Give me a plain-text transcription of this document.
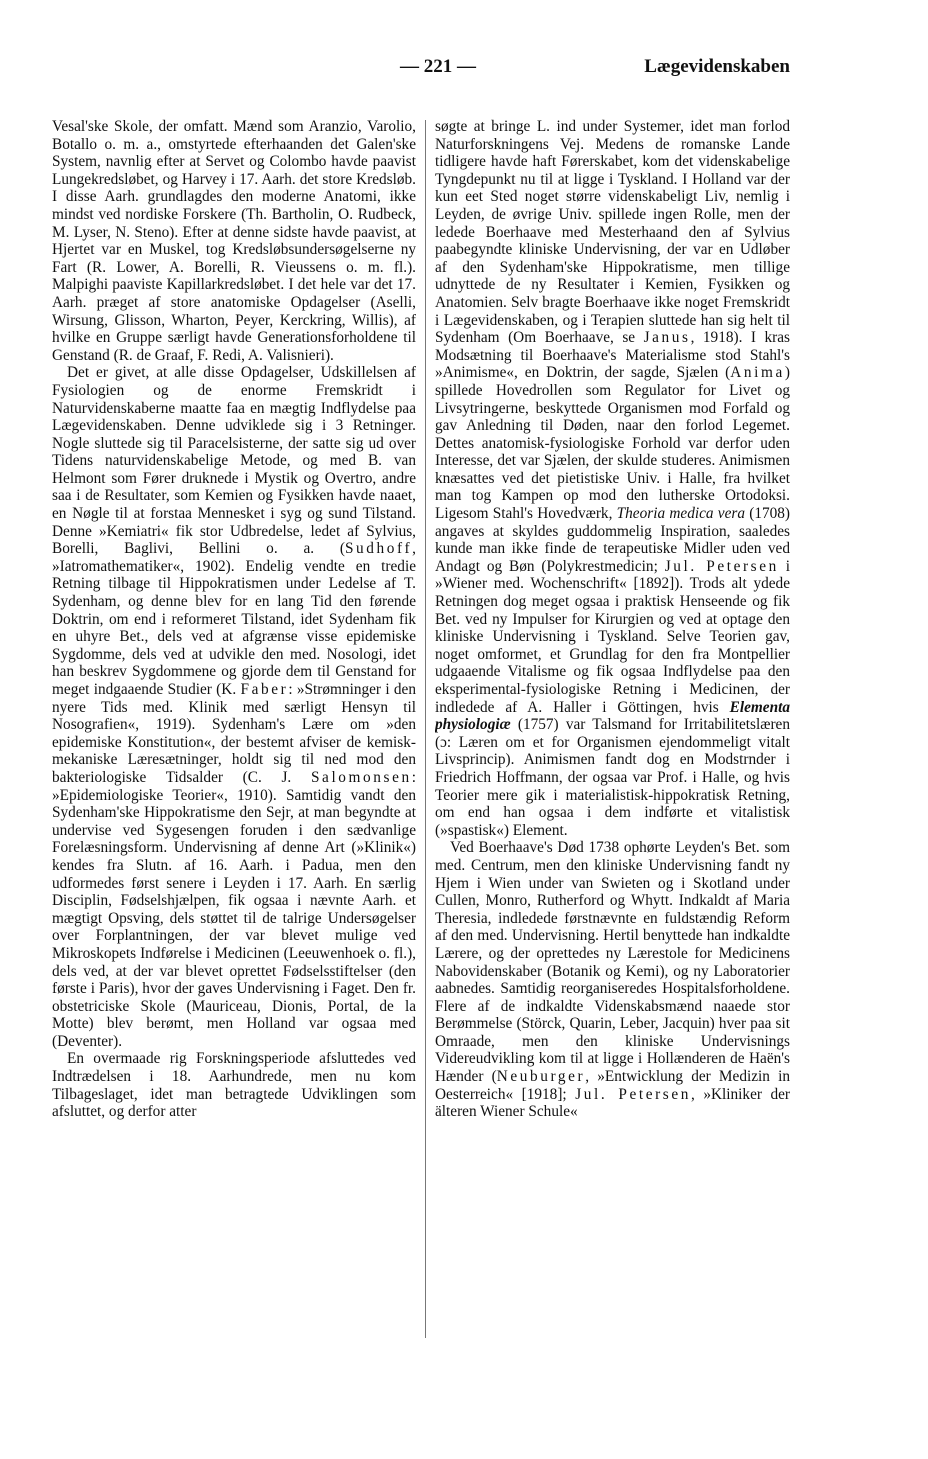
— 221 —	Lægevidenskaben

Vesal'ske Skole, der omfatt. Mænd som Aranzio, Varolio, Botallo o. m. a., omstyrtede efterhaanden det Galen'ske System, navnlig efter at Servet og Colombo havde paavist Lungekredsløbet, og Harvey i 17. Aarh. det store Kredsløb. I disse Aarh. grundlagdes den moderne Anatomi, ikke mindst ved nordiske Forskere (Th. Bartholin, O. Rudbeck, M. Lyser, N. Steno). Efter at denne sidste havde paavist, at Hjertet var en Muskel, tog Kredsløbsundersøgelserne ny Fart (R. Lower, A. Borelli, R. Vieussens o. m. fl.). Malpighi paaviste Kapillarkredsløbet. I det hele var det 17. Aarh. præget af store anatomiske Opdagelser (Aselli, Wirsung, Glisson, Wharton, Peyer, Kerckring, Willis), af hvilke en Gruppe særligt havde Generationsforholdene til Genstand (R. de Graaf, F. Redi, A. Valisnieri).

Det er givet, at alle disse Opdagelser, Udskillelsen af Fysiologien og de enorme Fremskridt i Naturvidenskaberne maatte faa en mægtig Indflydelse paa Lægevidenskaben. Denne udviklede sig i 3 Retninger. Nogle sluttede sig til Paracelsisterne, der satte sig ud over Tidens naturvidenskabelige Metode, og med B. van Helmont som Fører druknede i Mystik og Overtro, andre saa i de Resultater, som Kemien og Fysikken havde naaet, en Nøgle til at forstaa Mennesket i syg og sund Tilstand. Denne »Kemiatri« fik stor Udbredelse, ledet af Sylvius, Borelli, Baglivi, Bellini o. a. (Sudhoff, »Iatromathematiker«, 1902). Endelig vendte en tredie Retning tilbage til Hippokratismen under Ledelse af T. Sydenham, og denne blev for en lang Tid den førende Doktrin, om end i reformeret Tilstand, idet Sydenham fik en uhyre Bet., dels ved at afgrænse visse epidemiske Sygdomme, dels ved at udvikle den med. Nosologi, idet han beskrev Sygdommene og gjorde dem til Genstand for meget indgaaende Studier (K. Faber: »Strømninger i den nyere Tids med. Klinik med særligt Hensyn til Nosografien«, 1919). Sydenham's Lære om »den epidemiske Konstitution«, der bestemt afviser de kemisk-mekaniske Læresætninger, holdt sig til ned mod den bakteriologiske Tidsalder (C. J. Salomonsen: »Epidemiologiske Teorier«, 1910). Samtidig vandt den Sydenham'ske Hippokratisme den Sejr, at man begyndte at undervise ved Sygesengen foruden i den sædvanlige Forelæsningsform. Undervisning af denne Art (»Klinik«) kendes fra Slutn. af 16. Aarh. i Padua, men den udformedes først senere i Leyden i 17. Aarh. En særlig Disciplin, Fødselshjælpen, fik ogsaa i nævnte Aarh. et mægtigt Opsving, dels støttet til de talrige Undersøgelser over Forplantningen, der var blevet mulige ved Mikroskopets Indførelse i Medicinen (Leeuwenhoek o. fl.), dels ved, at der var blevet oprettet Fødselsstiftelser (den første i Paris), hvor der gaves Undervisning i Faget. Den fr. obstetriciske Skole (Mauriceau, Dionis, Portal, de la Motte) blev berømt, men Holland var ogsaa med (Deventer).

En overmaade rig Forskningsperiode afsluttedes ved Indtrædelsen i 18. Aarhundrede, men nu kom Tilbageslaget, idet man betragtede Udviklingen som afsluttet, og derfor atter

søgte at bringe L. ind under Systemer, idet man forlod Naturforskningens Vej. Medens de romanske Lande tidligere havde haft Førerskabet, kom det videnskabelige Tyngdepunkt nu til at ligge i Tyskland. I Holland var der kun eet Sted noget større videnskabeligt Liv, nemlig i Leyden, de øvrige Univ. spillede ingen Rolle, men der ledede Boerhaave med Mesterhaand den af Sylvius paabegyndte kliniske Undervisning, der var en Udløber af den Sydenham'ske Hippokratisme, men tillige udnyttede de ny Resultater i Kemien, Fysikken og Anatomien. Selv bragte Boerhaave ikke noget Fremskridt i Lægevidenskaben, og i Terapien sluttede han sig helt til Sydenham (Om Boerhaave, se Janus, 1918). I kras Modsætning til Boerhaave's Materialisme stod Stahl's »Animisme«, en Doktrin, der sagde, Sjælen (Anima) spillede Hovedrollen som Regulator for Livet og Livsytringerne, beskyttede Organismen mod Forfald og gav Anledning til Døden, naar den forlod Legemet. Dettes anatomisk-fysiologiske Forhold var derfor uden Interesse, det var Sjælen, der skulde studeres. Animismen knæsattes ved det pietistiske Univ. i Halle, fra hvilket man tog Kampen op mod den lutherske Ortodoksi. Ligesom Stahl's Hovedværk, Theoria medica vera (1708) angaves at skyldes guddommelig Inspiration, saaledes kunde man ikke finde de terapeutiske Midler uden ved Andagt og Bøn (Polykrestmedicin; Jul. Petersen i »Wiener med. Wochenschrift« [1892]). Trods alt ydede Retningen dog meget ogsaa i praktisk Henseende og fik Bet. ved ny Impulser for Kirurgien og ved at optage den kliniske Undervisning i Tyskland. Selve Teorien gav, noget omformet, et Grundlag for den fra Montpellier udgaaende Vitalisme og fik ogsaa Indflydelse paa den eksperimental-fysiologiske Retning i Medicinen, der indledede af A. Haller i Göttingen, hvis Elementa physiologiæ (1757) var Talsmand for Irritabilitetslæren (ɔ: Læren om et for Organismen ejendommeligt vitalt Livsprincip). Animismen fandt dog en Modstrnder i Friedrich Hoffmann, der ogsaa var Prof. i Halle, og hvis Teorier mere gik i materialistisk-hippokratisk Retning, om end han ogsaa i dem indførte et vitalistisk (»spastisk«) Element.

Ved Boerhaave's Død 1738 ophørte Leyden's Bet. som med. Centrum, men den kliniske Undervisning fandt ny Hjem i Wien under van Swieten og i Skotland under Cullen, Monro, Rutherford og Whytt. Indkaldt af Maria Theresia, indledede førstnævnte en fuldstændig Reform af den med. Undervisning. Hertil benyttede han indkaldte Lærere, og der oprettedes ny Lærestole for Medicinens Nabovidenskaber (Botanik og Kemi), og ny Laboratorier aabnedes. Samtidig reorganiseredes Hospitalsforholdene. Flere af de indkaldte Videnskabsmænd naaede stor Berømmelse (Störck, Quarin, Leber, Jacquin) hver paa sit Omraade, men den kliniske Undervisnings Videreudvikling kom til at ligge i Hollænderen de Haën's Hænder (Neuburger, »Entwicklung der Medizin in Oesterreich« [1918]; Jul. Petersen, »Kliniker der älteren Wiener Schule«
